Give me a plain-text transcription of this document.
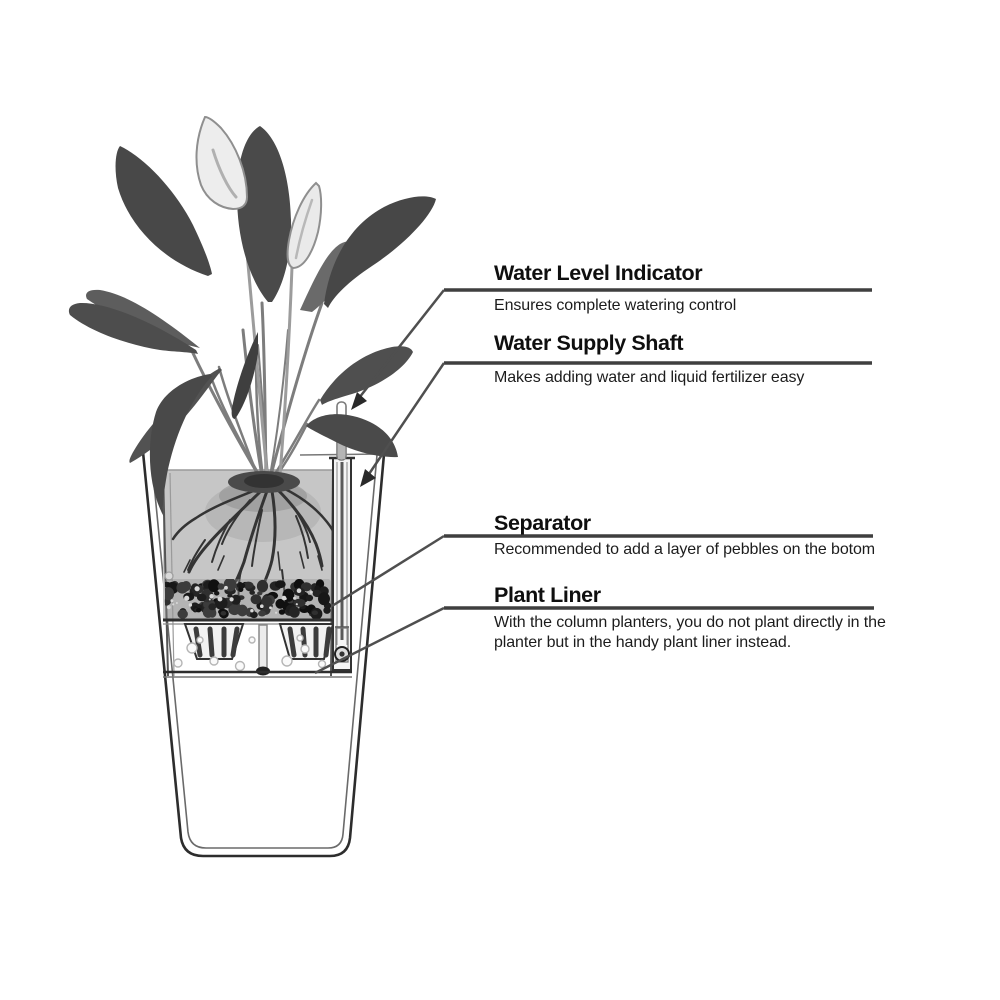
Water Level Indicator
Ensures complete watering control
Water Supply Shaft
Makes adding water and liquid fertilizer easy
Separator
Recommended to add a layer of pebbles on the botom
Plant Liner
With the column planters, you do not plant directly in the planter but in the handy plant liner instead.
